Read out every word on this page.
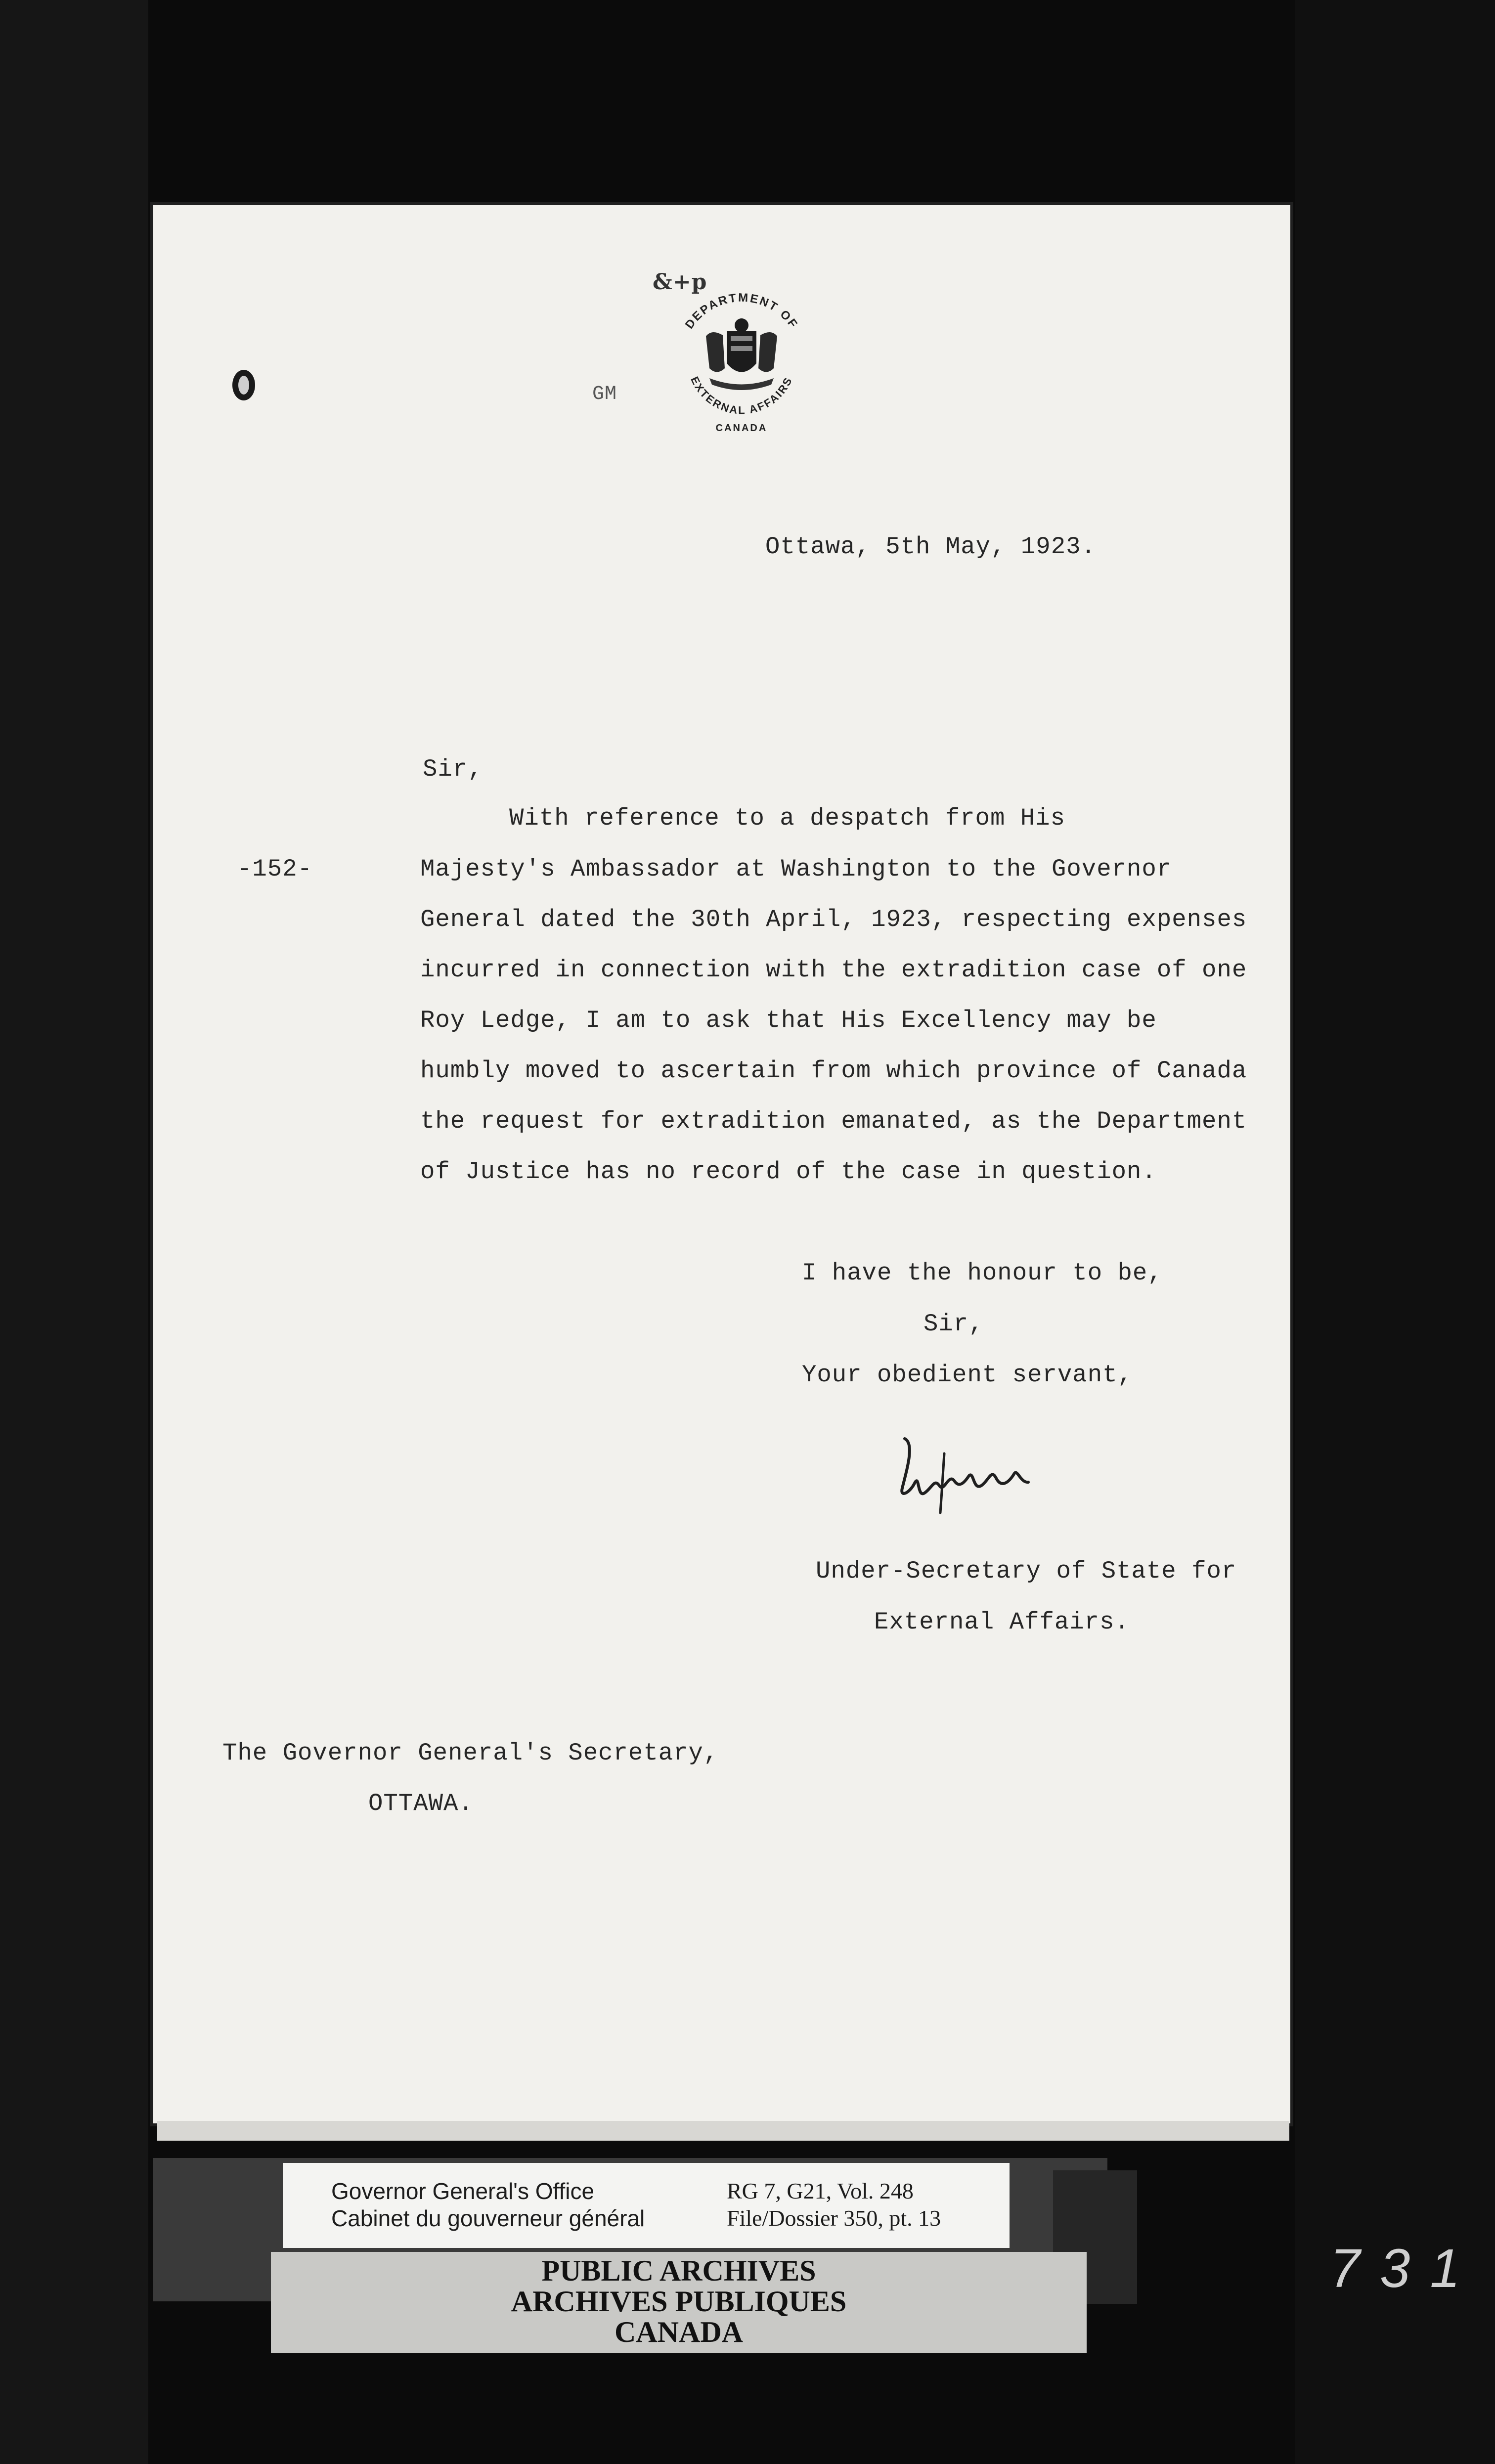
&+p
GM
DEPARTMENT OF
EXTERNAL AFFAIRS
CANADA
Ottawa, 5th May, 1923.
Sir,
-152-
With reference to a despatch from His
Majesty's Ambassador at Washington to the Governor
General dated the 30th April, 1923, respecting expenses
incurred in connection with the extradition case of one
Roy Ledge, I am to ask that His Excellency may be
humbly moved to ascertain from which province of Canada
the request for extradition emanated, as the Department
of Justice has no record of the case in question.
I have the honour to be,
Sir,
Your obedient servant,
Under-Secretary of State for
External Affairs.
The Governor General's Secretary,
OTTAWA.
Governor General's Office
Cabinet du gouverneur général
RG 7, G21, Vol. 248
File/Dossier 350, pt. 13
PUBLIC ARCHIVES
ARCHIVES PUBLIQUES
CANADA
731
